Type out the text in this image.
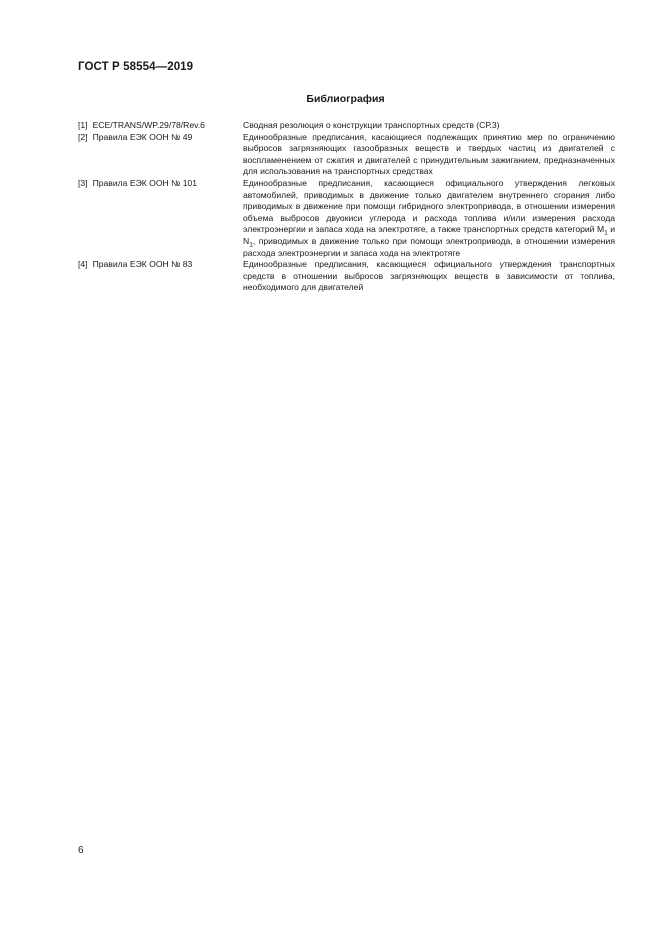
ГОСТ Р 58554—2019
Библиография
[1] ECE/TRANS/WP.29/78/Rev.6	Сводная резолюция о конструкции транспортных средств (СР.3)
[2] Правила ЕЭК ООН № 49	Единообразные предписания, касающиеся подлежащих принятию мер по ограничению выбросов загрязняющих газообразных веществ и твердых частиц из двигателей с воспламенением от сжатия и двигателей с принудительным зажиганием, предназначенных для использования на транспортных средствах
[3] Правила ЕЭК ООН № 101	Единообразные предписания, касающиеся официального утверждения легковых автомобилей, приводимых в движение только двигателем внутреннего сгорания либо приводимых в движение при помощи гибридного электропривода, в отношении измерения объема выбросов двуокиси углерода и расхода топлива и/или измерения расхода электроэнергии и запаса хода на электротяге, а также транспортных средств категорий $M_1$ и $N_1$, приводимых в движение только при помощи электропривода, в отношении измерения расхода электроэнергии и запаса хода на электротяге
[4] Правила ЕЭК ООН № 83	Единообразные предписания, касающиеся официального утверждения транспортных средств в отношении выбросов загрязняющих веществ в зависимости от топлива, необходимого для двигателей
6
